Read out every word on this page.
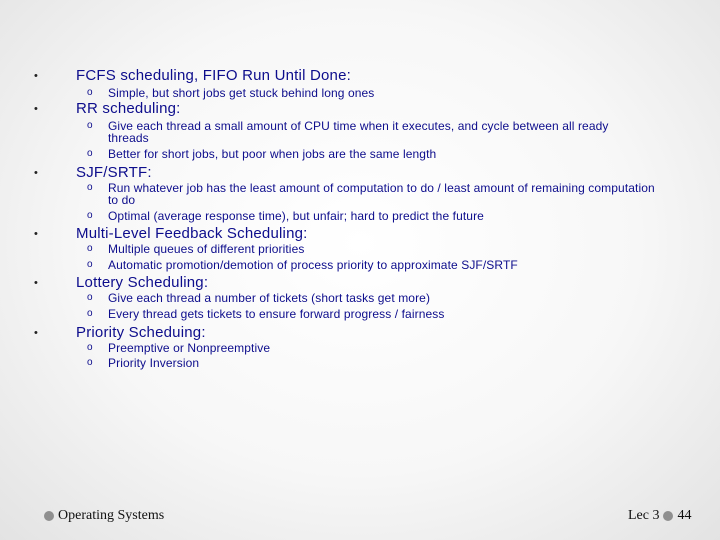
•	FCFS scheduling, FIFO Run Until Done:
o Simple, but short jobs get stuck behind long ones
•	RR scheduling:
o Give each thread a small amount of CPU time when it executes, and cycle between all ready threads
o Better for short jobs, but poor when jobs are the same length
•	SJF/SRTF:
o Run whatever job has the least amount of computation to do / least amount of remaining computation to do
o Optimal (average response time), but unfair; hard to predict the future
•	Multi-Level Feedback Scheduling:
o Multiple queues of different priorities
o Automatic promotion/demotion of process priority to approximate SJF/SRTF
•	Lottery Scheduling:
o Give each thread a number of tickets (short tasks get more)
o Every thread gets tickets to ensure forward progress / fairness
•	Priority Scheduing:
o Preemptive or Nonpreemptive
o Priority Inversion
Operating Systems	Lec 3 44
